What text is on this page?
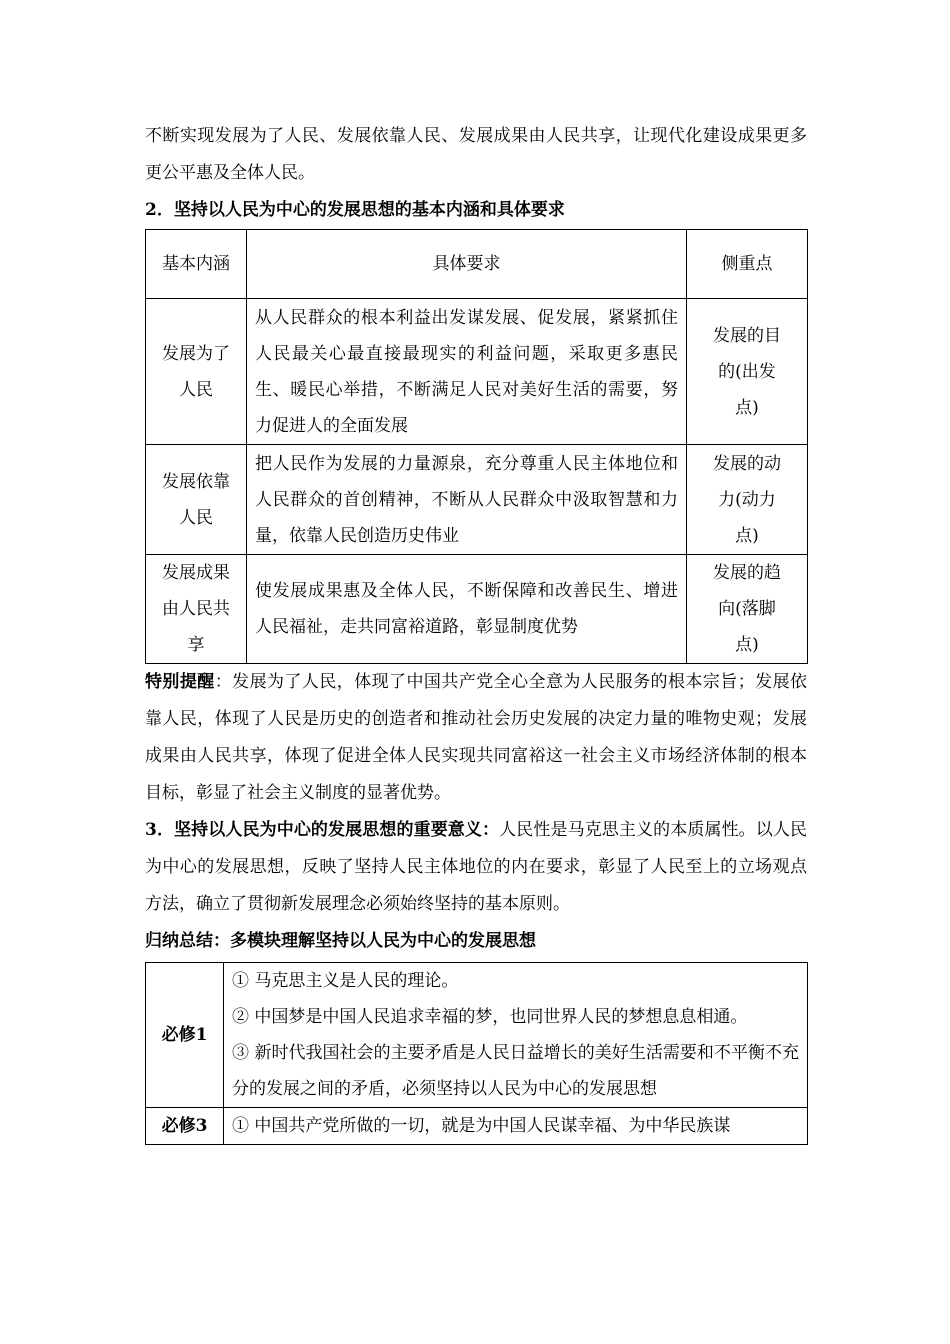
不断实现发展为了人民、发展依靠人民、发展成果由人民共享，让现代化建设成果更多更公平惠及全体人民。

2．坚持以人民为中心的发展思想的基本内涵和具体要求

基本内涵	具体要求	侧重点
发展为了人民	从人民群众的根本利益出发谋发展、促发展，紧紧抓住人民最关心最直接最现实的利益问题，采取更多惠民生、暖民心举措，不断满足人民对美好生活的需要，努力促进人的全面发展	发展的目的(出发点)
发展依靠人民	把人民作为发展的力量源泉，充分尊重人民主体地位和人民群众的首创精神，不断从人民群众中汲取智慧和力量，依靠人民创造历史伟业	发展的动力(动力点)
发展成果由人民共享	使发展成果惠及全体人民，不断保障和改善民生、增进人民福祉，走共同富裕道路，彰显制度优势	发展的趋向(落脚点)

特别提醒：发展为了人民，体现了中国共产党全心全意为人民服务的根本宗旨；发展依靠人民，体现了人民是历史的创造者和推动社会历史发展的决定力量的唯物史观；发展成果由人民共享，体现了促进全体人民实现共同富裕这一社会主义市场经济体制的根本目标，彰显了社会主义制度的显著优势。

3．坚持以人民为中心的发展思想的重要意义：人民性是马克思主义的本质属性。以人民为中心的发展思想，反映了坚持人民主体地位的内在要求，彰显了人民至上的立场观点方法，确立了贯彻新发展理念必须始终坚持的基本原则。

归纳总结：多模块理解坚持以人民为中心的发展思想

必修1	① 马克思主义是人民的理论。
② 中国梦是中国人民追求幸福的梦，也同世界人民的梦想息息相通。
③ 新时代我国社会的主要矛盾是人民日益增长的美好生活需要和不平衡不充分的发展之间的矛盾，必须坚持以人民为中心的发展思想

必修3	① 中国共产党所做的一切，就是为中国人民谋幸福、为中华民族谋
